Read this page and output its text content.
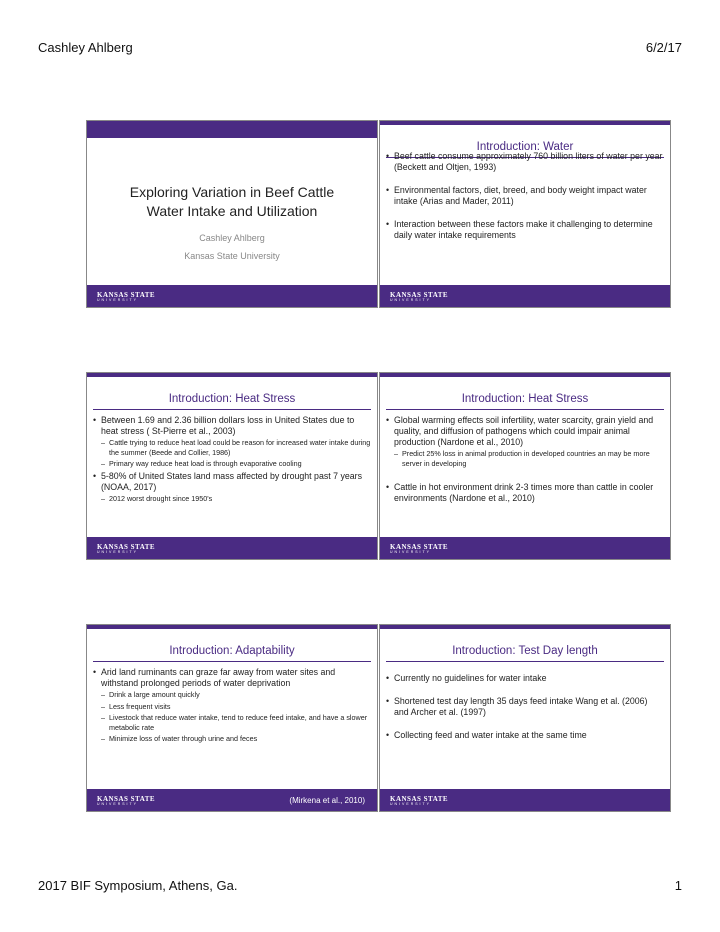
Cashley Ahlberg	6/2/17
Exploring Variation in Beef Cattle
Water Intake and Utilization
Cashley Ahlberg
Kansas State University
KANSAS STATE
UNIVERSITY
Introduction: Water
• Beef cattle consume approximately 760 billion liters of water per year (Beckett and Oltjen, 1993)
• Environmental factors, diet, breed, and body weight impact water intake (Arias and Mader, 2011)
• Interaction between these factors make it challenging to determine daily water intake requirements
KANSAS STATE
UNIVERSITY
Introduction: Heat Stress
• Between 1.69 and 2.36 billion dollars loss in United States due to heat stress ( St-Pierre et al., 2003)
– Cattle trying to reduce heat load could be reason for increased water intake during the summer (Beede and Collier, 1986)
– Primary way reduce heat load is through evaporative cooling
• 5-80% of United States land mass affected by drought past 7 years (NOAA, 2017)
– 2012 worst drought since 1950's
KANSAS STATE
UNIVERSITY
Introduction: Heat Stress
• Global warming effects soil infertility, water scarcity, grain yield and quality, and diffusion of pathogens which could impair animal production (Nardone et al., 2010)
– Predict 25% loss in animal production in developed countries an may be more server in developing
• Cattle in hot environment drink 2-3 times more than cattle in cooler environments (Nardone et al., 2010)
KANSAS STATE
UNIVERSITY
Introduction: Adaptability
• Arid land ruminants can graze far away from water sites and withstand prolonged periods of water deprivation
– Drink a large amount quickly
– Less frequent visits
– Livestock that reduce water intake, tend to reduce feed intake, and have a slower metabolic rate
– Minimize loss of water through urine and feces
KANSAS STATE
UNIVERSITY	(Mirkena et al., 2010)
Introduction: Test Day length
• Currently no guidelines for water intake
• Shortened test day length 35 days feed intake Wang et al. (2006) and Archer et al. (1997)
• Collecting feed and water intake at the same time
KANSAS STATE
UNIVERSITY
2017 BIF Symposium, Athens, Ga.	1
